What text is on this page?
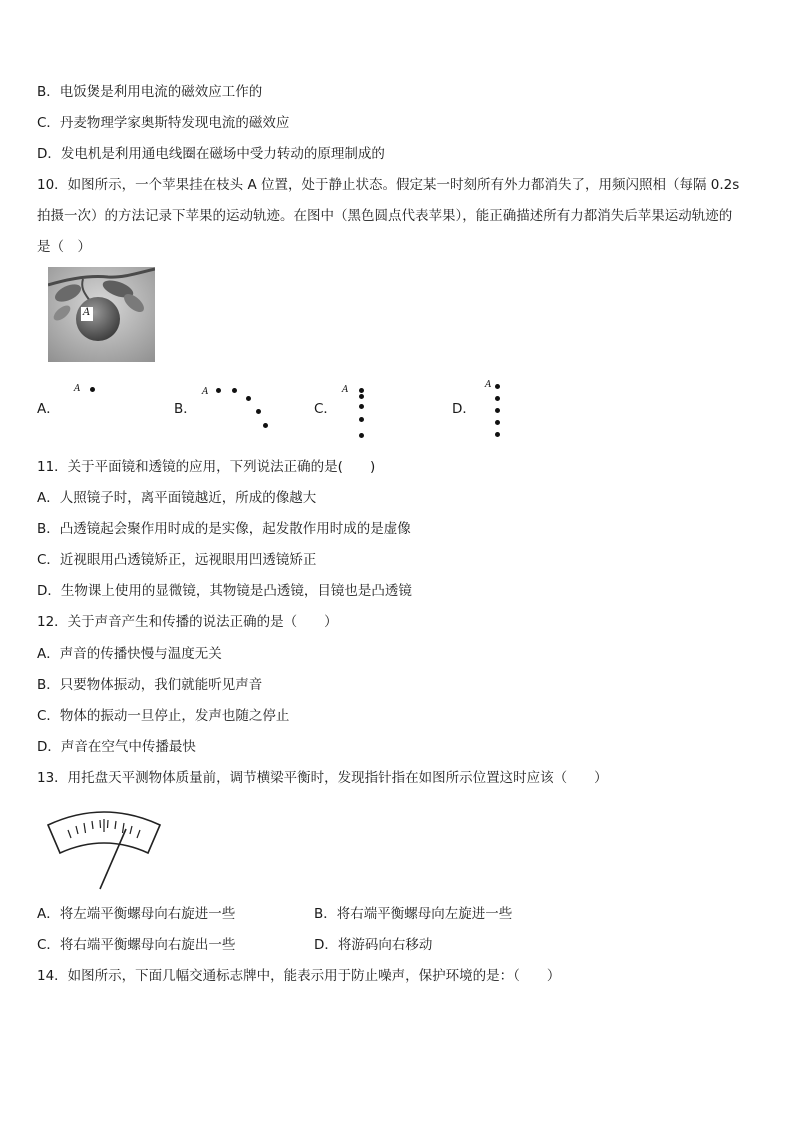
B．电饭煲是利用电流的磁效应工作的
C．丹麦物理学家奥斯特发现电流的磁效应
D．发电机是利用通电线圈在磁场中受力转动的原理制成的
10．如图所示，一个苹果挂在枝头 A 位置，处于静止状态。假定某一时刻所有外力都消失了，用频闪照相（每隔 0.2s
拍摄一次）的方法记录下苹果的运动轨迹。在图中（黑色圆点代表苹果），能正确描述所有力都消失后苹果运动轨迹的
是（　）
A
A．
A
B．
A
C．
A
D．
A
11．关于平面镜和透镜的应用，下列说法正确的是(　　)
A．人照镜子时，离平面镜越近，所成的像越大
B．凸透镜起会聚作用时成的是实像，起发散作用时成的是虚像
C．近视眼用凸透镜矫正，远视眼用凹透镜矫正
D．生物课上使用的显微镜，其物镜是凸透镜，目镜也是凸透镜
12．关于声音产生和传播的说法正确的是（　　）
A．声音的传播快慢与温度无关
B．只要物体振动，我们就能听见声音
C．物体的振动一旦停止，发声也随之停止
D．声音在空气中传播最快
13．用托盘天平测物体质量前，调节横梁平衡时，发现指针指在如图所示位置这时应该（　　）
A．将左端平衡螺母向右旋进一些	B．将右端平衡螺母向左旋进一些
C．将右端平衡螺母向右旋出一些	D．将游码向右移动
14．如图所示，下面几幅交通标志牌中，能表示用于防止噪声，保护环境的是：（　　）
